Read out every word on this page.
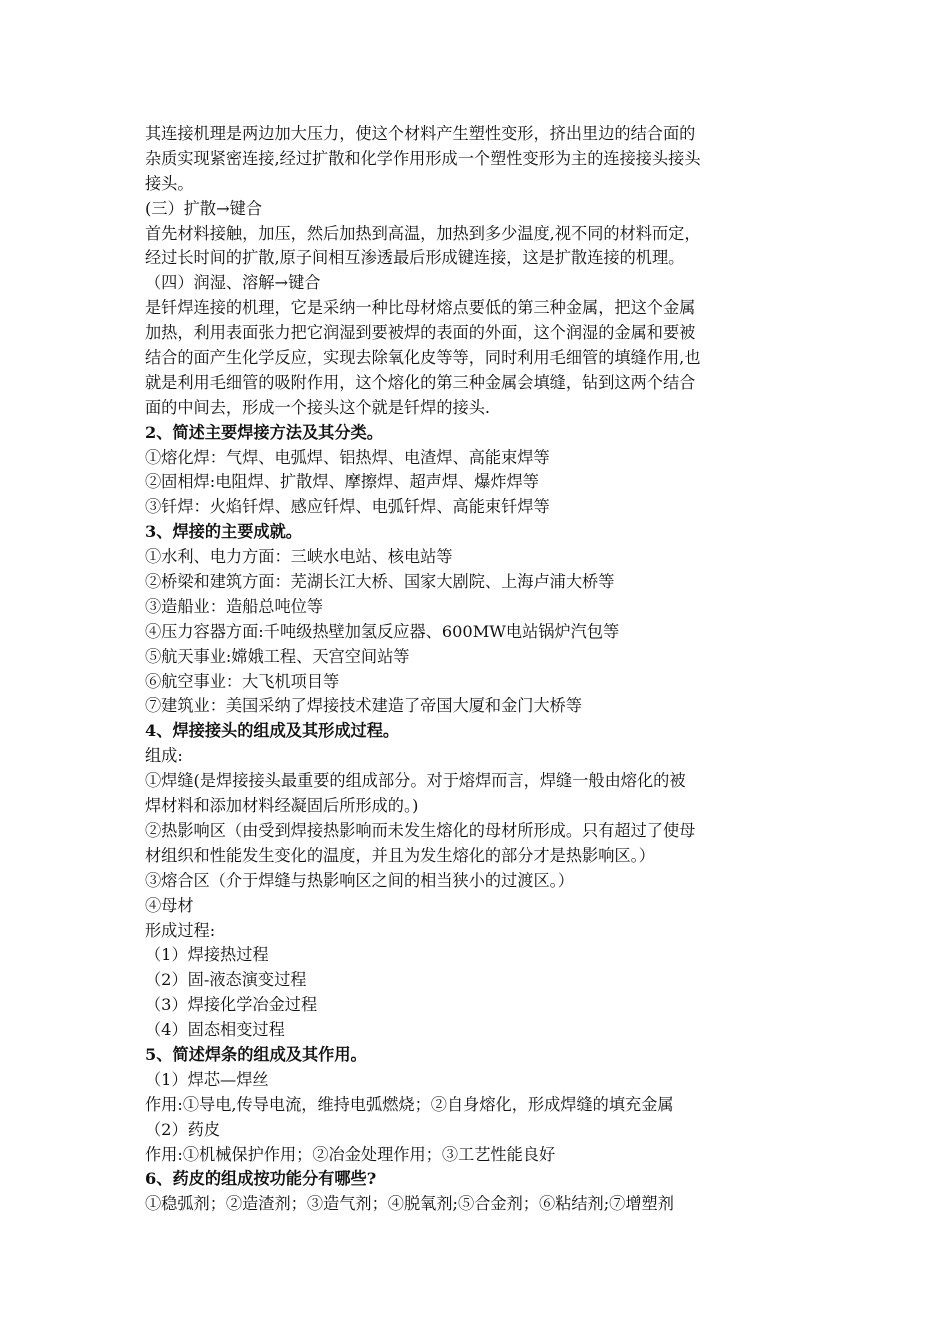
其连接机理是两边加大压力，使这个材料产生塑性变形，挤出里边的结合面的
杂质实现紧密连接,经过扩散和化学作用形成一个塑性变形为主的连接接头接头
接头。
(三）扩散→键合
首先材料接触，加压，然后加热到高温，加热到多少温度,视不同的材料而定，
经过长时间的扩散,原子间相互渗透最后形成键连接，这是扩散连接的机理。
（四）润湿、溶解→键合
是钎焊连接的机理，它是采纳一种比母材熔点要低的第三种金属，把这个金属
加热，利用表面张力把它润湿到要被焊的表面的外面，这个润湿的金属和要被
结合的面产生化学反应，实现去除氧化皮等等，同时利用毛细管的填缝作用,也
就是利用毛细管的吸附作用，这个熔化的第三种金属会填缝，钻到这两个结合
面的中间去，形成一个接头这个就是钎焊的接头.
2、简述主要焊接方法及其分类。
①熔化焊：气焊、电弧焊、铝热焊、电渣焊、高能束焊等
②固相焊:电阻焊、扩散焊、摩擦焊、超声焊、爆炸焊等
③钎焊：火焰钎焊、感应钎焊、电弧钎焊、高能束钎焊等
3、焊接的主要成就。
①水利、电力方面：三峡水电站、核电站等
②桥梁和建筑方面：芜湖长江大桥、国家大剧院、上海卢浦大桥等
③造船业：造船总吨位等
④压力容器方面:千吨级热壁加氢反应器、600MW电站锅炉汽包等
⑤航天事业:嫦娥工程、天宫空间站等
⑥航空事业：大飞机项目等
⑦建筑业：美国采纳了焊接技术建造了帝国大厦和金门大桥等
4、焊接接头的组成及其形成过程。
组成:
①焊缝(是焊接接头最重要的组成部分。对于熔焊而言，焊缝一般由熔化的被
焊材料和添加材料经凝固后所形成的。)
②热影响区（由受到焊接热影响而未发生熔化的母材所形成。只有超过了使母
材组织和性能发生变化的温度，并且为发生熔化的部分才是热影响区。）
③熔合区（介于焊缝与热影响区之间的相当狭小的过渡区。）
④母材
形成过程:
（1）焊接热过程
（2）固-液态演变过程
（3）焊接化学冶金过程
（4）固态相变过程
5、简述焊条的组成及其作用。
（1）焊芯—焊丝
作用:①导电,传导电流，维持电弧燃烧；②自身熔化，形成焊缝的填充金属
（2）药皮
作用:①机械保护作用；②冶金处理作用；③工艺性能良好
6、药皮的组成按功能分有哪些?
①稳弧剂；②造渣剂；③造气剂；④脱氧剂;⑤合金剂；⑥粘结剂;⑦增塑剂
